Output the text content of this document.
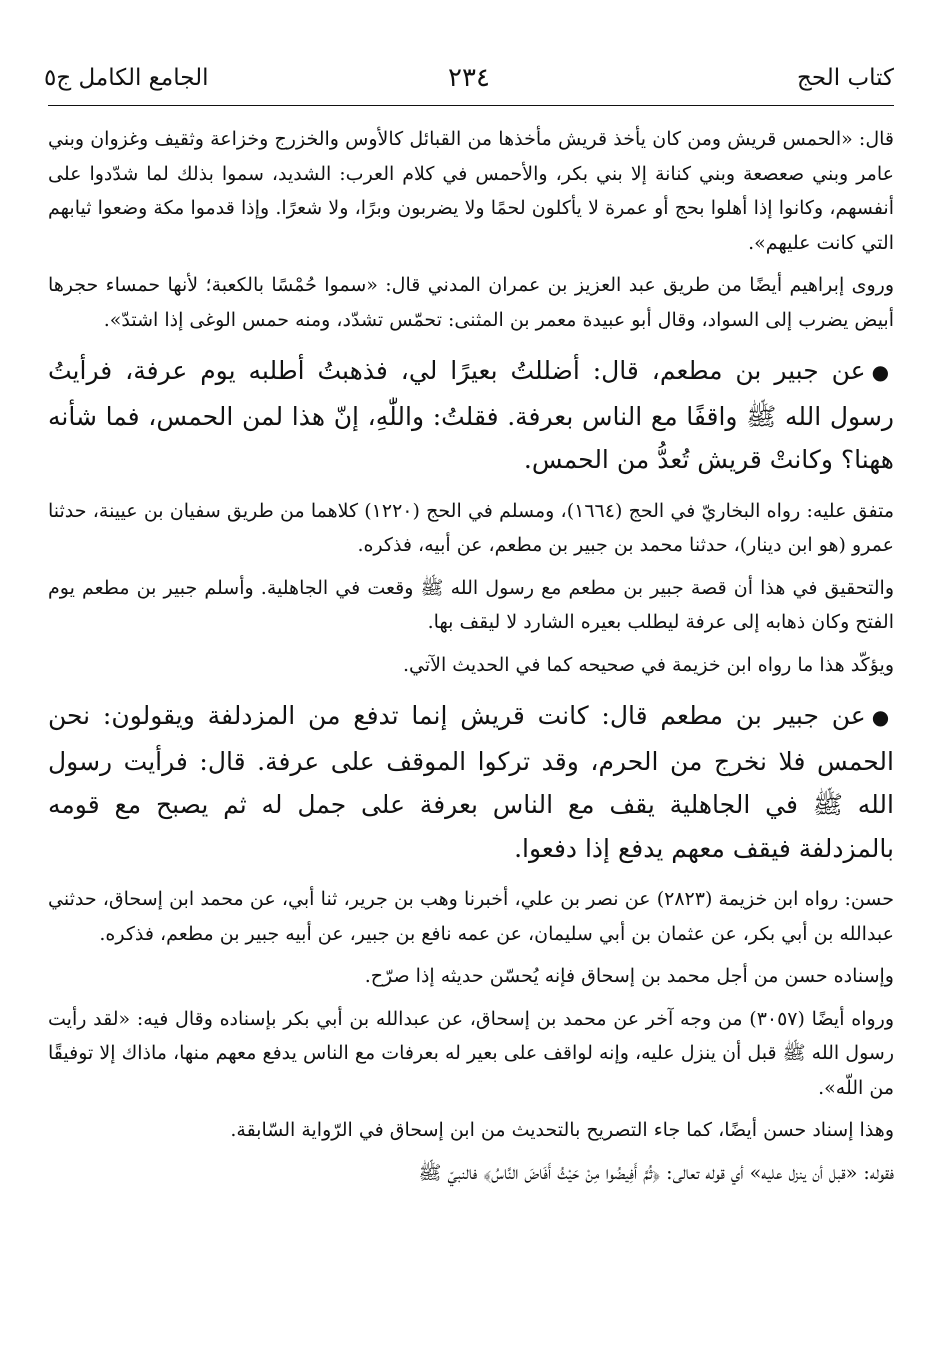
كتاب الحج
٢٣٤
الجامع الكامل ج٥

قال: «الحمس قريش ومن كان يأخذ قريش مأخذها من القبائل كالأوس والخزرج وخزاعة وثقيف وغزوان وبني عامر وبني صعصعة وبني كنانة إلا بني بكر، والأحمس في كلام العرب: الشديد، سموا بذلك لما شدّدوا على أنفسهم، وكانوا إذا أهلوا بحج أو عمرة لا يأكلون لحمًا ولا يضربون وبرًا، ولا شعرًا. وإذا قدموا مكة وضعوا ثيابهم التي كانت عليهم».

وروى إبراهيم أيضًا من طريق عبد العزيز بن عمران المدني قال: «سموا حُمْسًا بالكعبة؛ لأنها حمساء حجرها أبيض يضرب إلى السواد، وقال أبو عبيدة معمر بن المثنى: تحمّس تشدّد، ومنه حمس الوغى إذا اشتدّ».

●عن جبير بن مطعم، قال: أضللتُ بعيرًا لي، فذهبتُ أطلبه يوم عرفة، فرأيتُ رسول الله ﷺ واقفًا مع الناس بعرفة. فقلتُ: واللّٰهِ، إنّ هذا لمن الحمس، فما شأنه ههنا؟ وكانتْ قريش تُعدُّ من الحمس.

متفق عليه: رواه البخاريّ في الحج (١٦٦٤)، ومسلم في الحج (١٢٢٠) كلاهما من طريق سفيان بن عيينة، حدثنا عمرو (هو ابن دينار)، حدثنا محمد بن جبير بن مطعم، عن أبيه، فذكره.

والتحقيق في هذا أن قصة جبير بن مطعم مع رسول الله ﷺ وقعت في الجاهلية. وأسلم جبير بن مطعم يوم الفتح وكان ذهابه إلى عرفة ليطلب بعيره الشارد لا ليقف بها.

ويؤكّد هذا ما رواه ابن خزيمة في صحيحه كما في الحديث الآتي.

●عن جبير بن مطعم قال: كانت قريش إنما تدفع من المزدلفة ويقولون: نحن الحمس فلا نخرج من الحرم، وقد تركوا الموقف على عرفة. قال: فرأيت رسول الله ﷺ في الجاهلية يقف مع الناس بعرفة على جمل له ثم يصبح مع قومه بالمزدلفة فيقف معهم يدفع إذا دفعوا.

حسن: رواه ابن خزيمة (٢٨٢٣) عن نصر بن علي، أخبرنا وهب بن جرير، ثنا أبي، عن محمد ابن إسحاق، حدثني عبدالله بن أبي بكر، عن عثمان بن أبي سليمان، عن عمه نافع بن جبير، عن أبيه جبير بن مطعم، فذكره.

وإسناده حسن من أجل محمد بن إسحاق فإنه يُحسّن حديثه إذا صرّح.

ورواه أيضًا (٣٠٥٧) من وجه آخر عن محمد بن إسحاق، عن عبدالله بن أبي بكر بإسناده وقال فيه: «لقد رأيت رسول الله ﷺ قبل أن ينزل عليه، وإنه لواقف على بعير له بعرفات مع الناس يدفع معهم منها، ماذاك إلا توفيقًا من اللّه».

وهذا إسناد حسن أيضًا، كما جاء التصريح بالتحديث من ابن إسحاق في الرّواية السّابقة.

فقوله: «قبل أن ينزل عليه» أي قوله تعالى: ﴿ثُمَّ أَفِيضُوا مِنْ حَيْثُ أَفَاضَ النَّاسُ﴾ فالنبيّ ﷺ
